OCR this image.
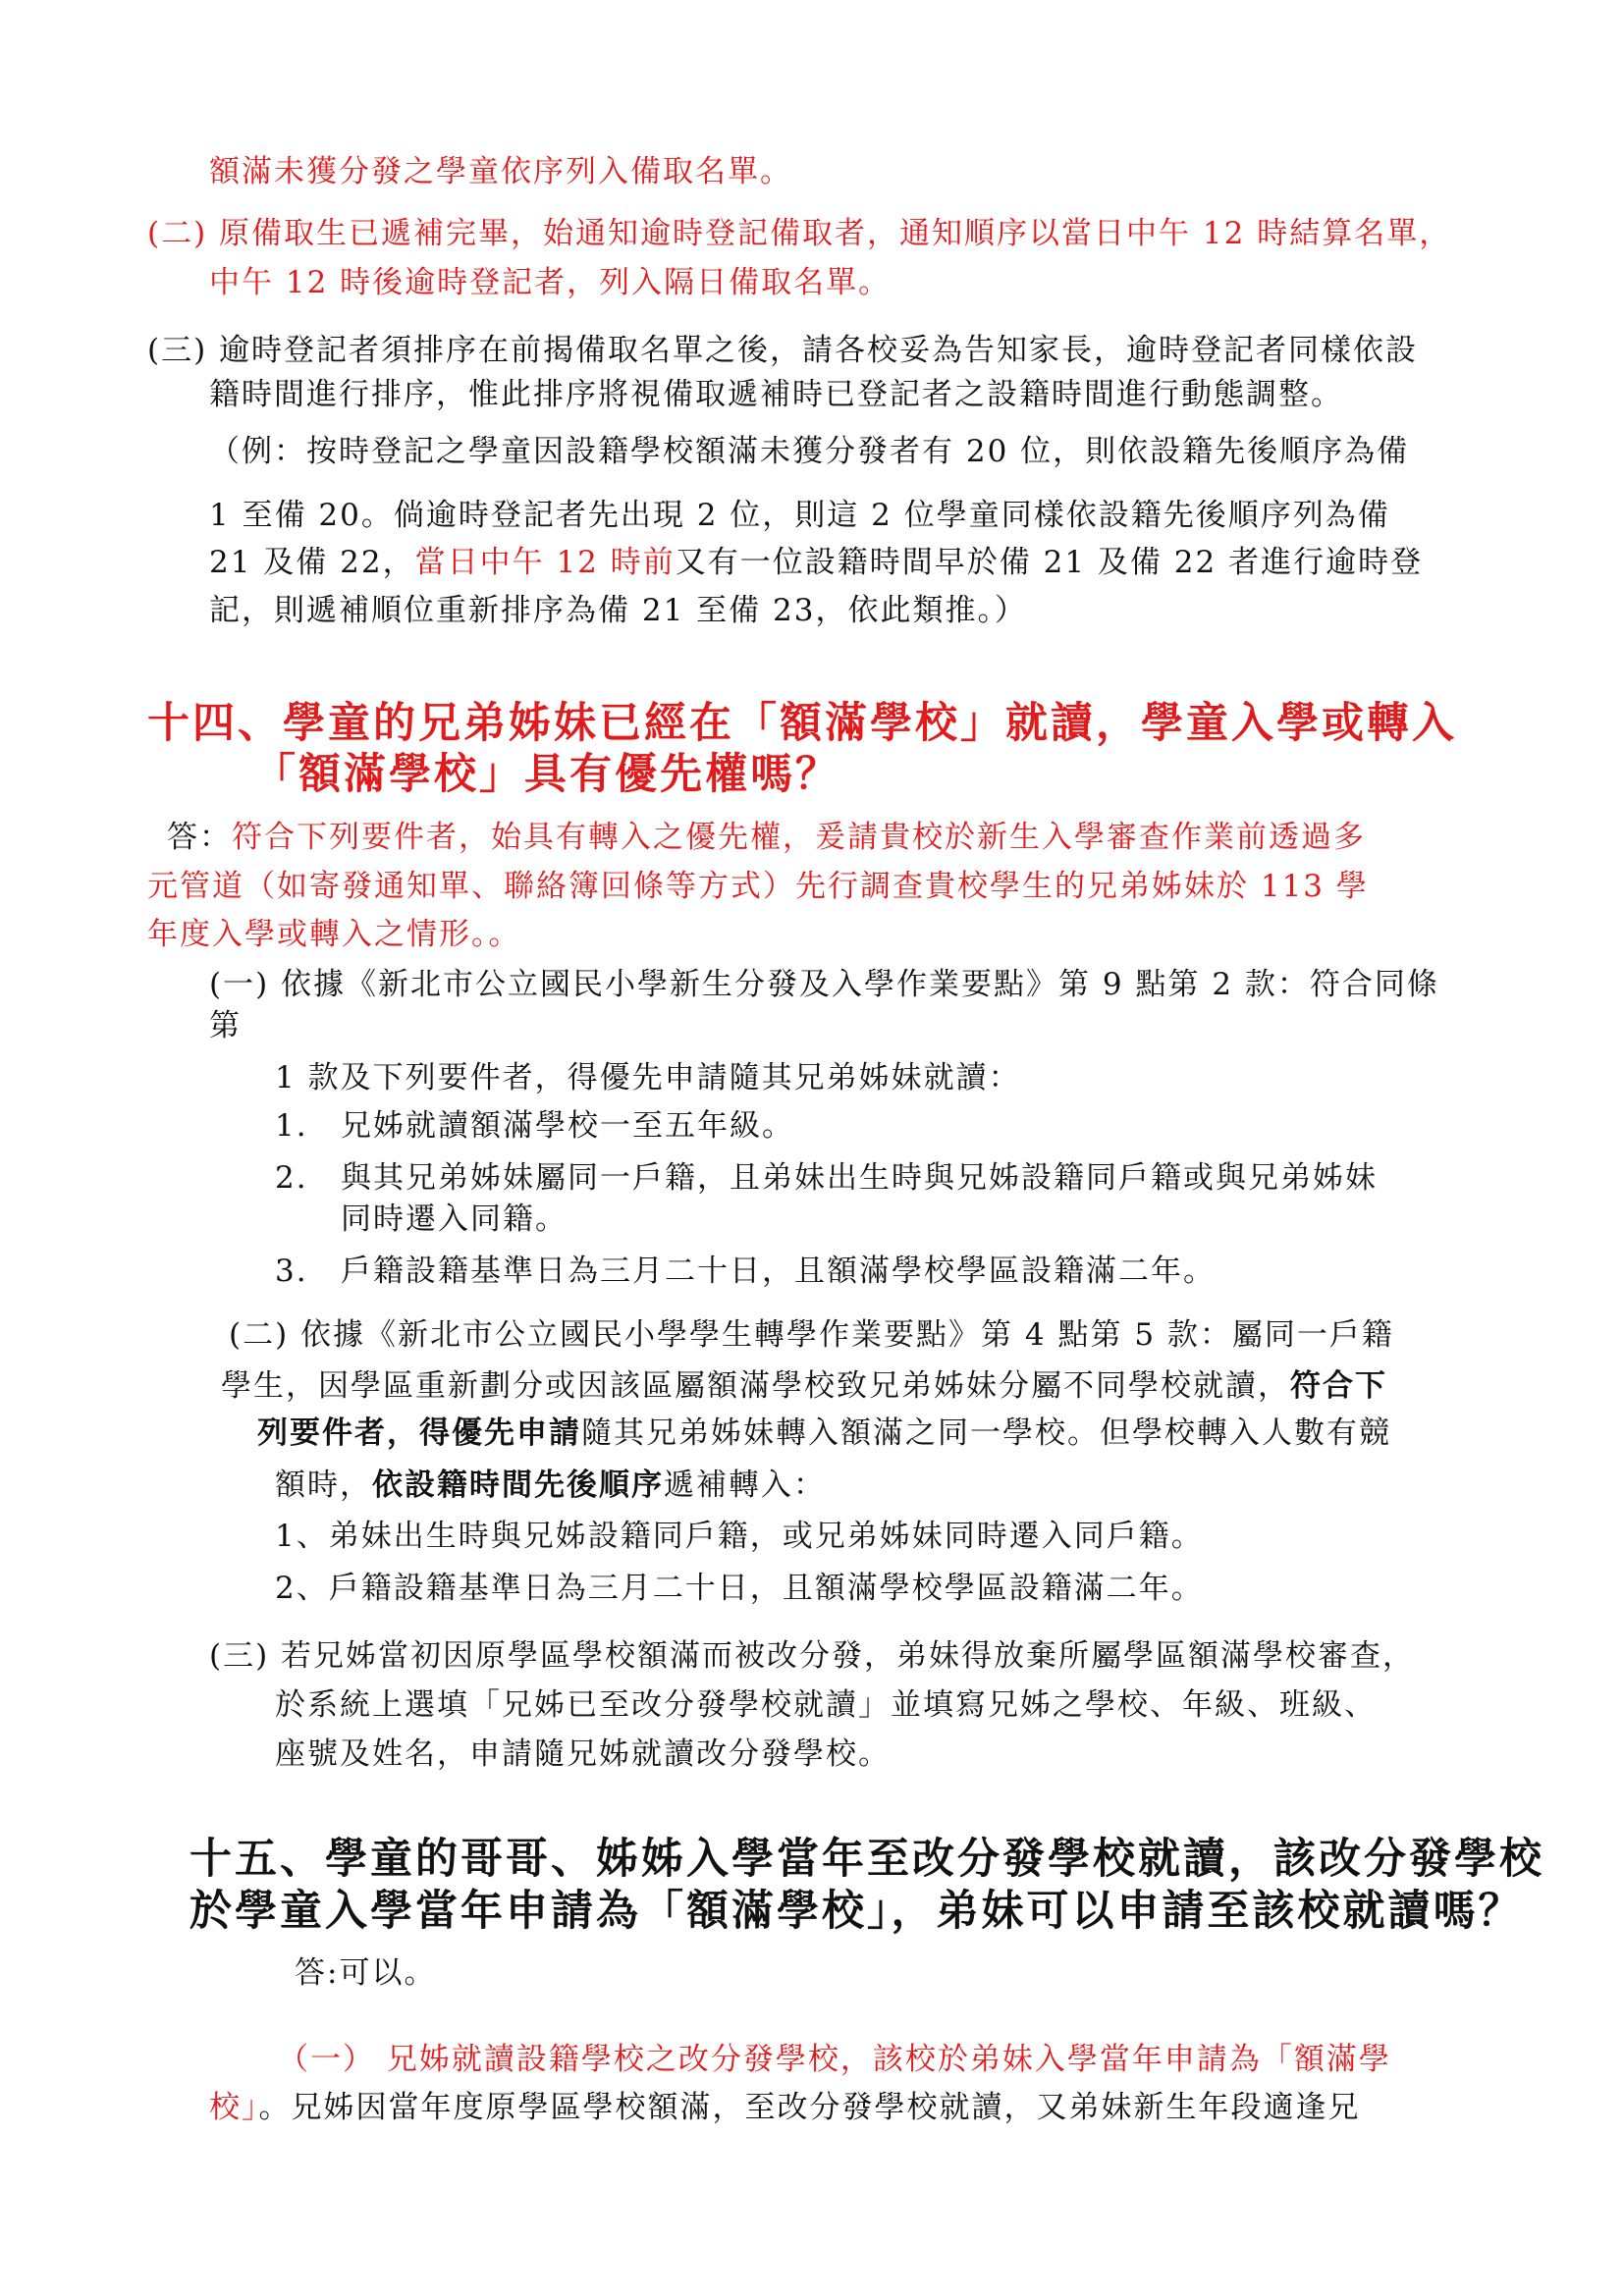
額滿未獲分發之學童依序列入備取名單。

(二) 原備取生已遞補完畢，始通知逾時登記備取者，通知順序以當日中午 12 時結算名單，

中午 12 時後逾時登記者，列入隔日備取名單。

(三) 逾時登記者須排序在前揭備取名單之後，請各校妥為告知家長，逾時登記者同樣依設

籍時間進行排序，惟此排序將視備取遞補時已登記者之設籍時間進行動態調整。

（例：按時登記之學童因設籍學校額滿未獲分發者有 20 位，則依設籍先後順序為備

1 至備 20。倘逾時登記者先出現 2 位，則這 2 位學童同樣依設籍先後順序列為備

21 及備 22，當日中午 12 時前又有一位設籍時間早於備 21 及備 22 者進行逾時登

記，則遞補順位重新排序為備 21 至備 23，依此類推。）

十四、學童的兄弟姊妹已經在「額滿學校」就讀，學童入學或轉入

「額滿學校」具有優先權嗎？

答：符合下列要件者，始具有轉入之優先權，爰請貴校於新生入學審查作業前透過多

元管道（如寄發通知單、聯絡簿回條等方式）先行調查貴校學生的兄弟姊妹於 113 學

年度入學或轉入之情形。。

(一) 依據《新北市公立國民小學新生分發及入學作業要點》第 9 點第 2 款：符合同條

第

1 款及下列要件者，得優先申請隨其兄弟姊妹就讀：

1. 兄姊就讀額滿學校一至五年級。

2. 與其兄弟姊妹屬同一戶籍，且弟妹出生時與兄姊設籍同戶籍或與兄弟姊妹

同時遷入同籍。

3. 戶籍設籍基準日為三月二十日，且額滿學校學區設籍滿二年。

(二) 依據《新北市公立國民小學學生轉學作業要點》第 4 點第 5 款：屬同一戶籍

學生，因學區重新劃分或因該區屬額滿學校致兄弟姊妹分屬不同學校就讀，符合下

列要件者，得優先申請隨其兄弟姊妹轉入額滿之同一學校。但學校轉入人數有競

額時，依設籍時間先後順序遞補轉入：

1、弟妹出生時與兄姊設籍同戶籍，或兄弟姊妹同時遷入同戶籍。

2、戶籍設籍基準日為三月二十日，且額滿學校學區設籍滿二年。

(三) 若兄姊當初因原學區學校額滿而被改分發，弟妹得放棄所屬學區額滿學校審查，

於系統上選填「兄姊已至改分發學校就讀」並填寫兄姊之學校、年級、班級、

座號及姓名，申請隨兄姊就讀改分發學校。

十五、學童的哥哥、姊姊入學當年至改分發學校就讀，該改分發學校

於學童入學當年申請為「額滿學校」，弟妹可以申請至該校就讀嗎？

答:可以。

（一） 兄姊就讀設籍學校之改分發學校，該校於弟妹入學當年申請為「額滿學

校」。兄姊因當年度原學區學校額滿，至改分發學校就讀，又弟妹新生年段適逢兄
